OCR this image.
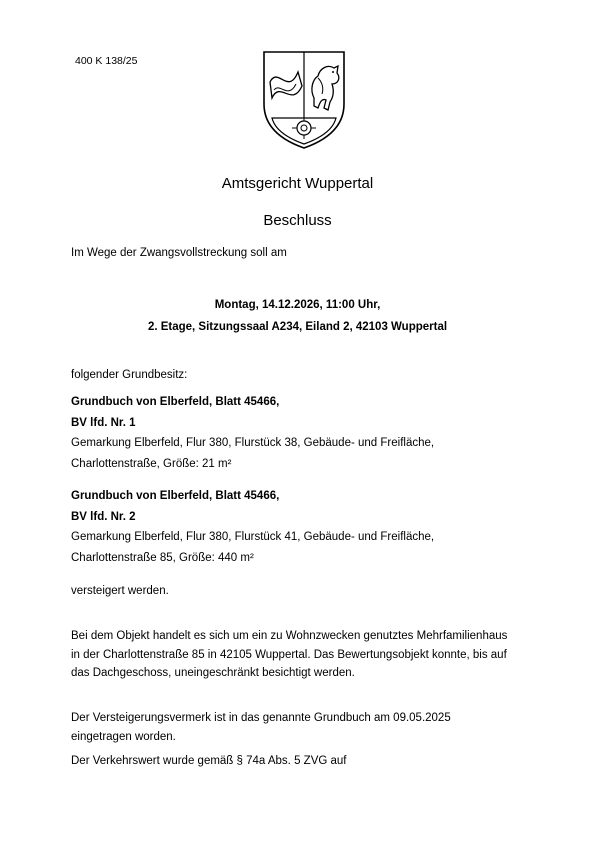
400 K 138/25
Amtsgericht Wuppertal
Beschluss
Im Wege der Zwangsvollstreckung soll am
Montag, 14.12.2026, 11:00 Uhr,
2. Etage, Sitzungssaal A234, Eiland 2, 42103 Wuppertal
folgender Grundbesitz:
Grundbuch von Elberfeld, Blatt 45466,
BV lfd. Nr. 1
Gemarkung Elberfeld, Flur 380, Flurstück 38, Gebäude- und Freifläche,
Charlottenstraße, Größe: 21 m²
Grundbuch von Elberfeld, Blatt 45466,
BV lfd. Nr. 2
Gemarkung Elberfeld, Flur 380, Flurstück 41, Gebäude- und Freifläche,
Charlottenstraße 85, Größe: 440 m²
versteigert werden.
Bei dem Objekt handelt es sich um ein zu Wohnzwecken genutztes Mehrfamilienhaus in der Charlottenstraße 85 in 42105 Wuppertal. Das Bewertungsobjekt konnte, bis auf das Dachgeschoss, uneingeschränkt besichtigt werden.
Der Versteigerungsvermerk ist in das genannte Grundbuch am 09.05.2025 eingetragen worden.
Der Verkehrswert wurde gemäß § 74a Abs. 5 ZVG auf
